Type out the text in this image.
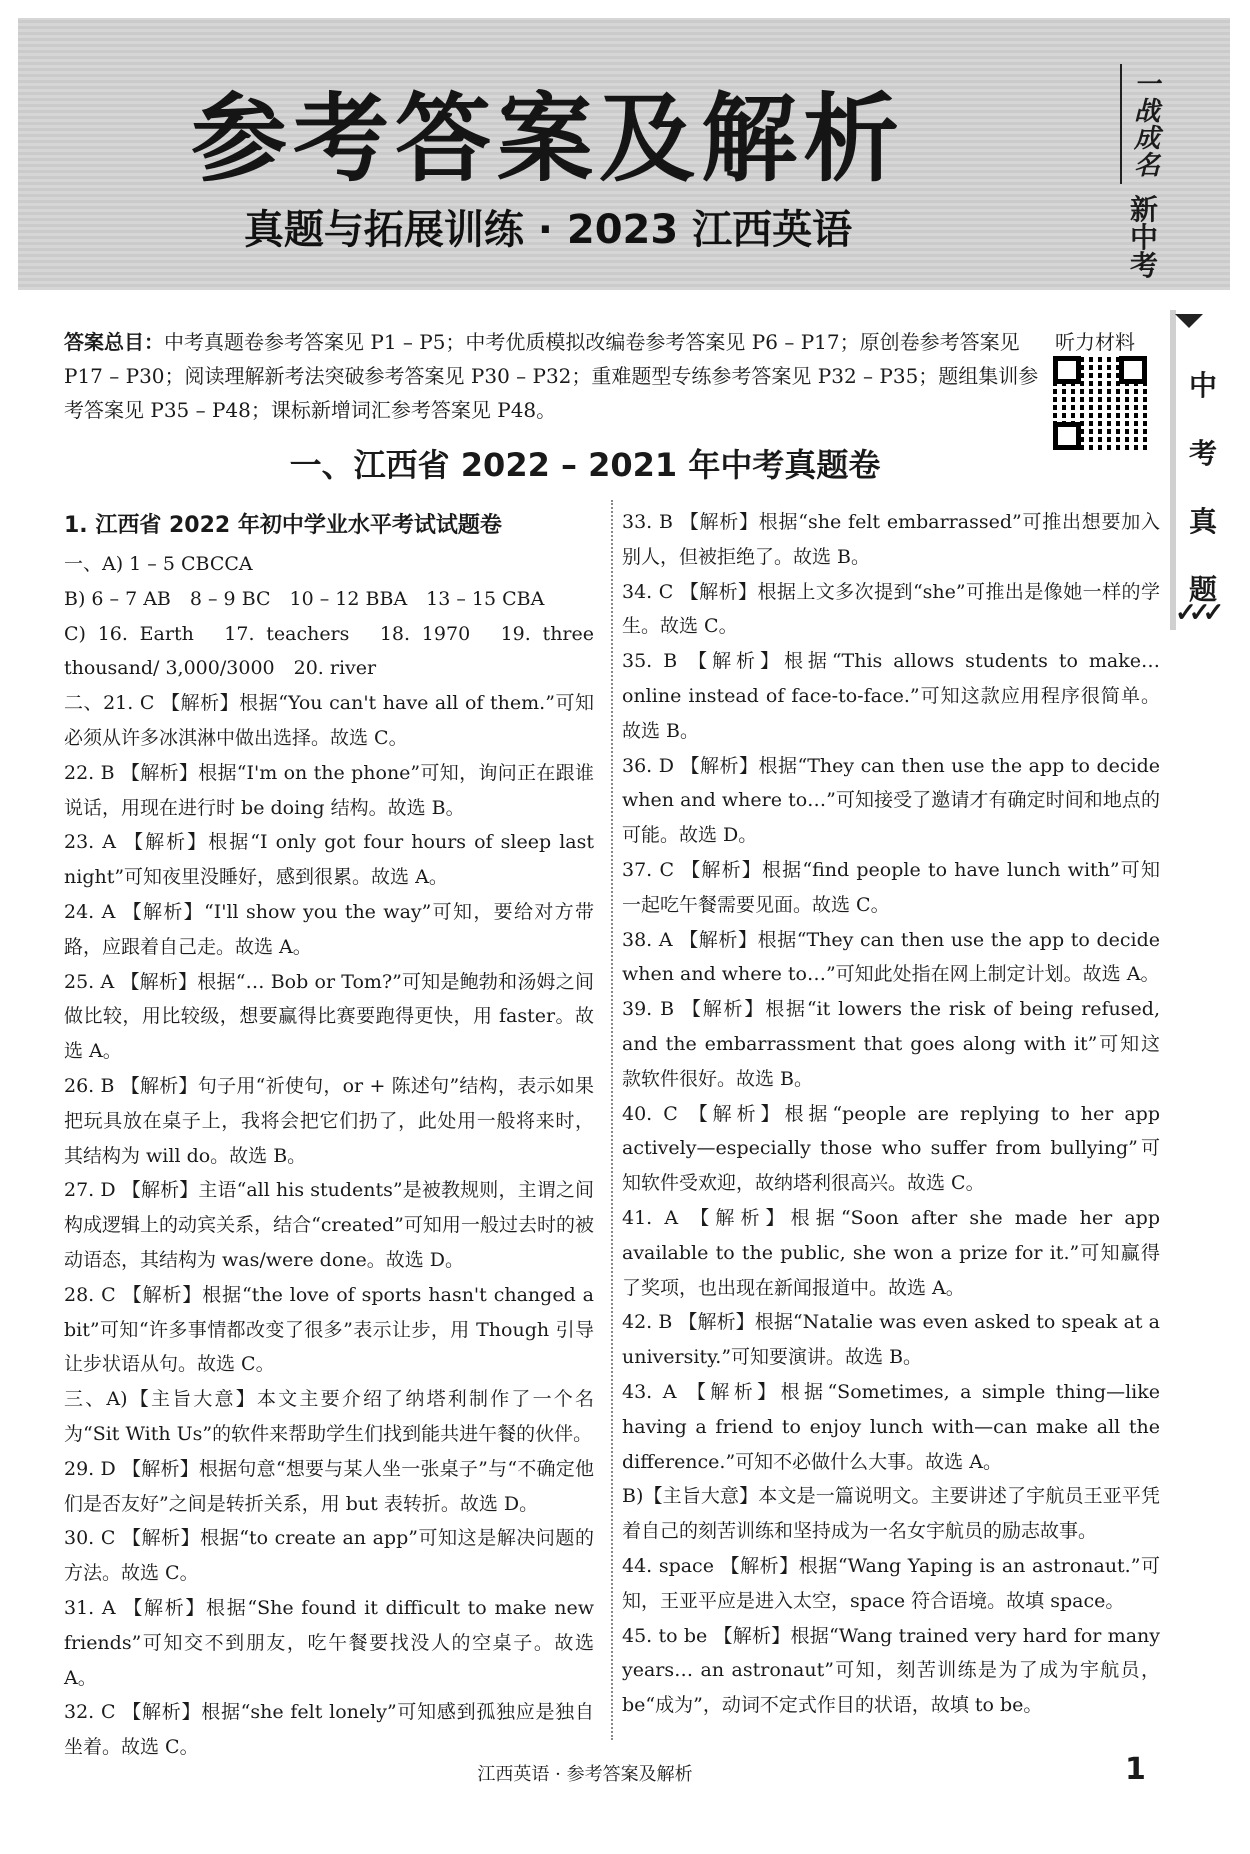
参考答案及解析
真题与拓展训练 · 2023 江西英语
一战成名
新中考
答案总目：中考真题卷参考答案见 P1 – P5；中考优质模拟改编卷参考答案见 P6 – P17；原创卷参考答案见 P17 – P30；阅读理解新考法突破参考答案见 P30 – P32；重难题型专练参考答案见 P32 – P35；题组集训参考答案见 P35 – P48；课标新增词汇参考答案见 P48。
听力材料
中考真题
✓✓✓
一、江西省 2022 – 2021 年中考真题卷

1. 江西省 2022 年初中学业水平考试试题卷

一、A) 1 – 5 CBCCA

B) 6 – 7 AB　8 – 9 BC　10 – 12 BBA　13 – 15 CBA

C) 16. Earth　17. teachers　18. 1970　19. three thousand/ 3,000/3000　20. river

二、21. C 【解析】根据“You can't have all of them.”可知必须从许多冰淇淋中做出选择。故选 C。

22. B 【解析】根据“I'm on the phone”可知，询问正在跟谁说话，用现在进行时 be doing 结构。故选 B。

23. A 【解析】根据“I only got four hours of sleep last night”可知夜里没睡好，感到很累。故选 A。

24. A 【解析】“I'll show you the way”可知，要给对方带路，应跟着自己走。故选 A。

25. A 【解析】根据“… Bob or Tom?”可知是鲍勃和汤姆之间做比较，用比较级，想要赢得比赛要跑得更快，用 faster。故选 A。

26. B 【解析】句子用“祈使句，or + 陈述句”结构，表示如果把玩具放在桌子上，我将会把它们扔了，此处用一般将来时，其结构为 will do。故选 B。

27. D 【解析】主语“all his students”是被教规则，主谓之间构成逻辑上的动宾关系，结合“created”可知用一般过去时的被动语态，其结构为 was/were done。故选 D。

28. C 【解析】根据“the love of sports hasn't changed a bit”可知“许多事情都改变了很多”表示让步，用 Though 引导让步状语从句。故选 C。

三、A)【主旨大意】本文主要介绍了纳塔利制作了一个名为“Sit With Us”的软件来帮助学生们找到能共进午餐的伙伴。

29. D 【解析】根据句意“想要与某人坐一张桌子”与“不确定他们是否友好”之间是转折关系，用 but 表转折。故选 D。

30. C 【解析】根据“to create an app”可知这是解决问题的方法。故选 C。

31. A 【解析】根据“She found it difficult to make new friends”可知交不到朋友，吃午餐要找没人的空桌子。故选 A。

32. C 【解析】根据“she felt lonely”可知感到孤独应是独自坐着。故选 C。

33. B 【解析】根据“she felt embarrassed”可推出想要加入别人，但被拒绝了。故选 B。

34. C 【解析】根据上文多次提到“she”可推出是像她一样的学生。故选 C。

35. B 【解析】根据“This allows students to make… online instead of face-to-face.”可知这款应用程序很简单。故选 B。

36. D 【解析】根据“They can then use the app to decide when and where to…”可知接受了邀请才有确定时间和地点的可能。故选 D。

37. C 【解析】根据“find people to have lunch with”可知一起吃午餐需要见面。故选 C。

38. A 【解析】根据“They can then use the app to decide when and where to…”可知此处指在网上制定计划。故选 A。

39. B 【解析】根据“it lowers the risk of being refused, and the embarrassment that goes along with it”可知这款软件很好。故选 B。

40. C 【解析】根据“people are replying to her app actively—especially those who suffer from bullying”可知软件受欢迎，故纳塔利很高兴。故选 C。

41. A 【解析】根据“Soon after she made her app available to the public, she won a prize for it.”可知赢得了奖项，也出现在新闻报道中。故选 A。

42. B 【解析】根据“Natalie was even asked to speak at a university.”可知要演讲。故选 B。

43. A 【解析】根据“Sometimes, a simple thing—like having a friend to enjoy lunch with—can make all the difference.”可知不必做什么大事。故选 A。

B)【主旨大意】本文是一篇说明文。主要讲述了宇航员王亚平凭着自己的刻苦训练和坚持成为一名女宇航员的励志故事。

44. space 【解析】根据“Wang Yaping is an astronaut.”可知，王亚平应是进入太空，space 符合语境。故填 space。

45. to be 【解析】根据“Wang trained very hard for many years… an astronaut”可知，刻苦训练是为了成为宇航员，be“成为”，动词不定式作目的状语，故填 to be。

江西英语 · 参考答案及解析	1
